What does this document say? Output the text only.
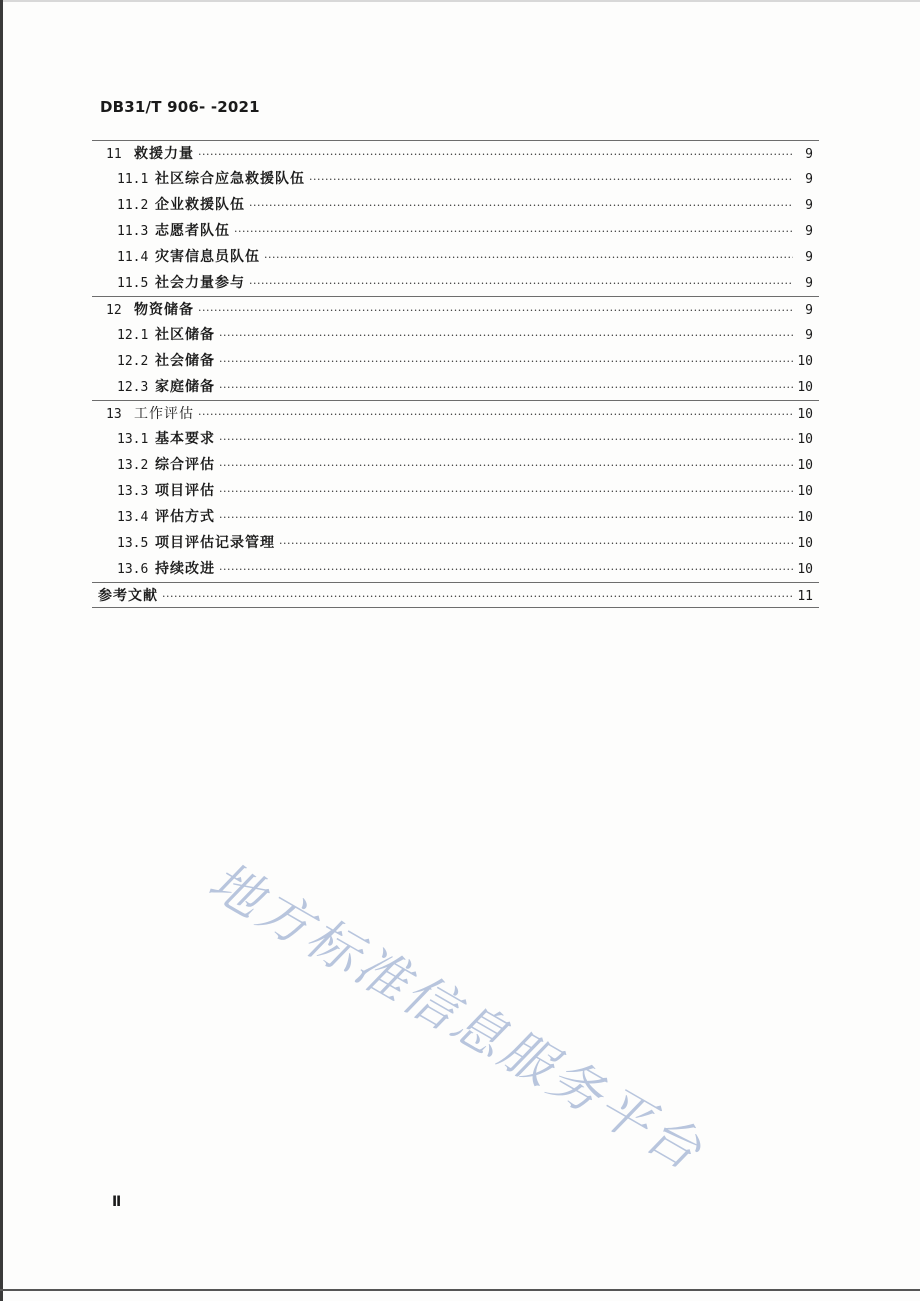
DB31/T 906- -2021
11 救援力量 ·····	9
11.1 社区综合应急救援队伍 ·····	9
11.2 企业救援队伍 ·····	9
11.3 志愿者队伍 ·····	9
11.4 灾害信息员队伍 ·····	9
11.5 社会力量参与 ·····	9
12 物资储备 ·····	9
12.1 社区储备 ·····	9
12.2 社会储备 ·····	10
12.3 家庭储备 ·····	10
13 工作评估 ·····	10
13.1 基本要求 ·····	10
13.2 综合评估 ·····	10
13.3 项目评估 ·····	10
13.4 评估方式 ·····	10
13.5 项目评估记录管理 ·····	10
13.6 持续改进 ·····	10
参考文献 ·····	11
地方标准信息服务平台
Ⅱ
